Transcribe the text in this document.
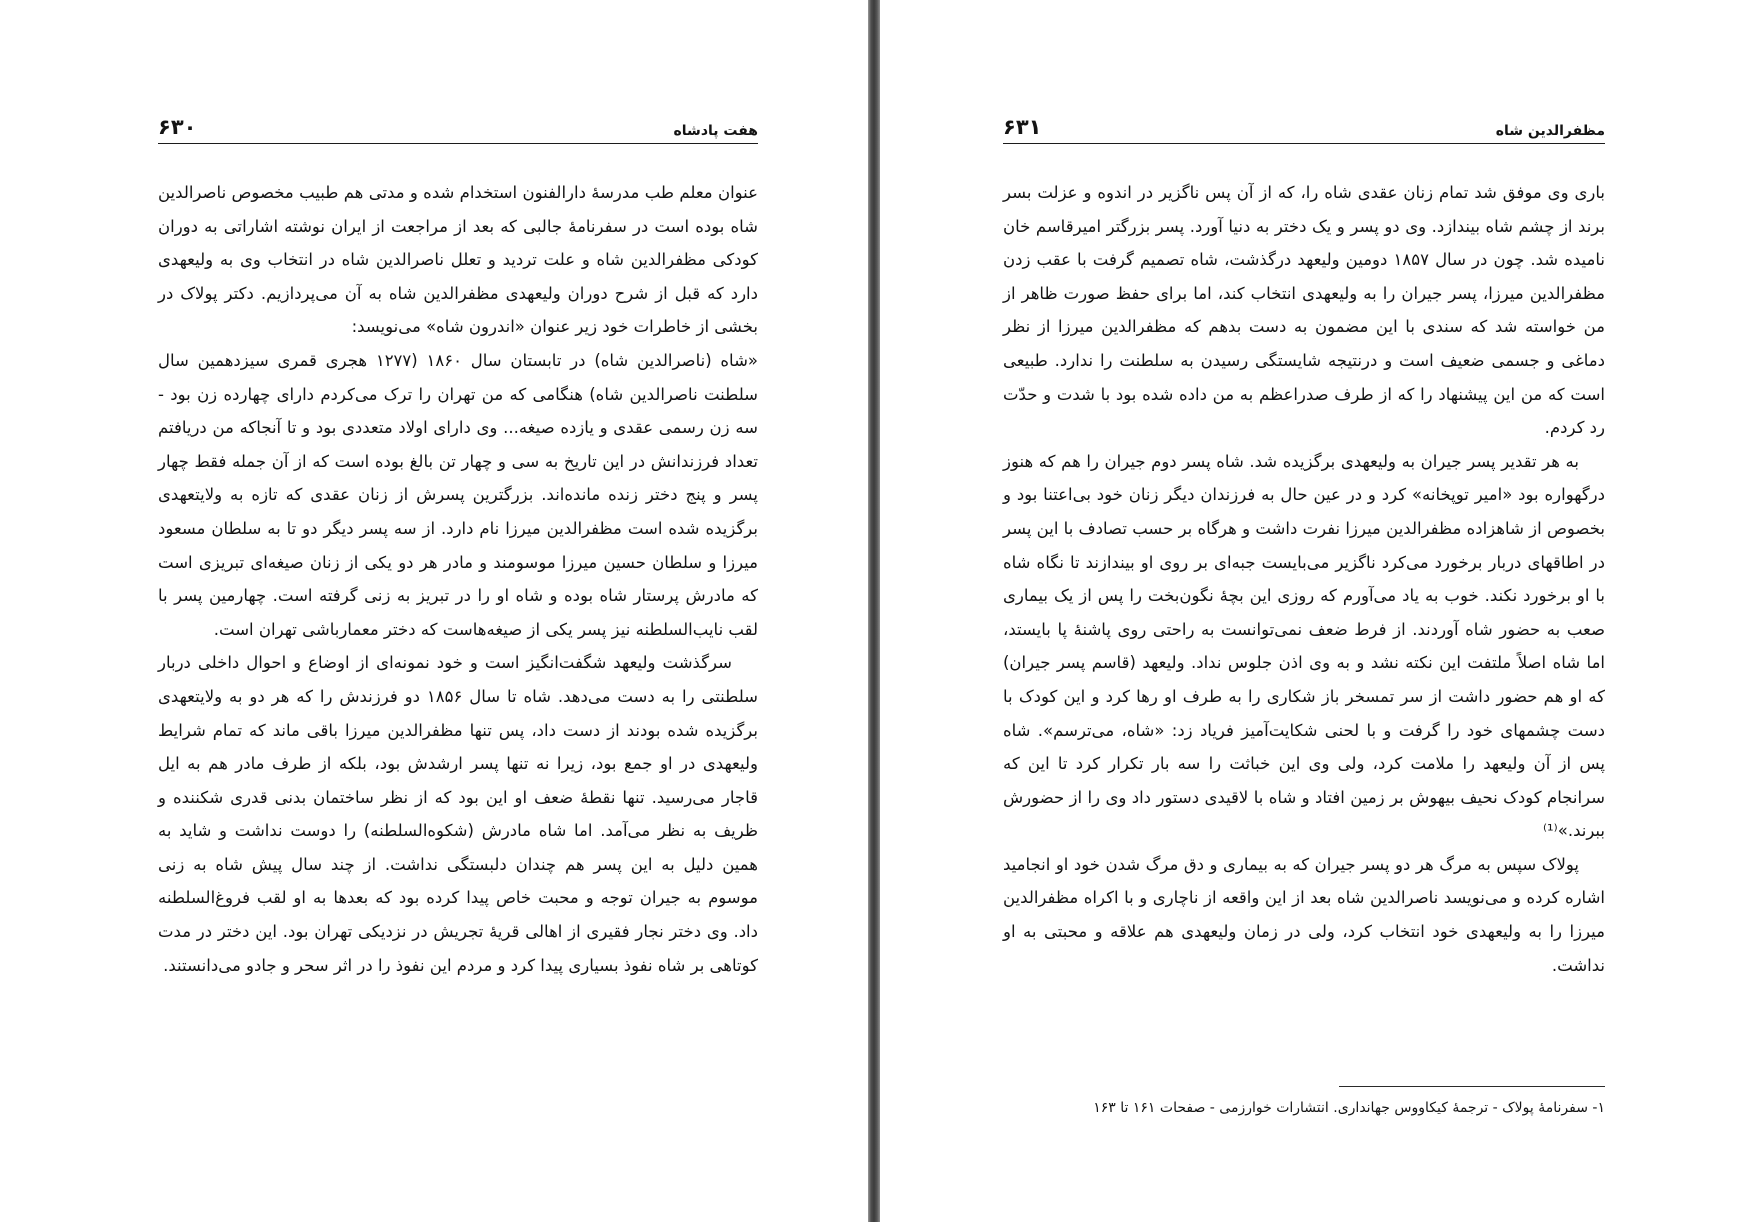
هفت پادشاه
۶۳۰

عنوان معلم طب مدرسهٔ دارالفنون استخدام شده و مدتی هم طبیب مخصوص ناصرالدین شاه بوده است در سفرنامهٔ جالبی که بعد از مراجعت از ایران نوشته اشاراتی به دوران کودکی مظفرالدین شاه و علت تردید و تعلل ناصرالدین شاه در انتخاب وی به ولیعهدی دارد که قبل از شرح دوران ولیعهدی مظفرالدین شاه به آن می‌پردازیم. دکتر پولاک در بخشی از خاطرات خود زیر عنوان «اندرون شاه» می‌نویسد:

«شاه (ناصرالدین شاه) در تابستان سال ۱۸۶۰ (۱۲۷۷ هجری قمری سیزدهمین سال سلطنت ناصرالدین شاه) هنگامی که من تهران را ترک می‌کردم دارای چهارده زن بود - سه زن رسمی عقدی و یازده صیغه... وی دارای اولاد متعددی بود و تا آنجاکه من دریافتم تعداد فرزندانش در این تاریخ به سی و چهار تن بالغ بوده است که از آن جمله فقط چهار پسر و پنج دختر زنده مانده‌اند. بزرگترین پسرش از زنان عقدی که تازه به ولایتعهدی برگزیده شده است مظفرالدین میرزا نام دارد. از سه پسر دیگر دو تا به سلطان مسعود میرزا و سلطان حسین میرزا موسومند و مادر هر دو یکی از زنان صیغه‌ای تبریزی است که مادرش پرستار شاه بوده و شاه او را در تبریز به زنی گرفته است. چهارمین پسر با لقب نایب‌السلطنه نیز پسر یکی از صیغه‌هاست که دختر معمارباشی تهران است.

سرگذشت ولیعهد شگفت‌انگیز است و خود نمونه‌ای از اوضاع و احوال داخلی دربار سلطنتی را به دست می‌دهد. شاه تا سال ۱۸۵۶ دو فرزندش را که هر دو به ولایتعهدی برگزیده شده بودند از دست داد، پس تنها مظفرالدین میرزا باقی ماند که تمام شرایط ولیعهدی در او جمع بود، زیرا نه تنها پسر ارشدش بود، بلکه از طرف مادر هم به ایل قاجار می‌رسید. تنها نقطهٔ ضعف او این بود که از نظر ساختمان بدنی قدری شکننده و ظریف به نظر می‌آمد. اما شاه مادرش (شکوه‌السلطنه) را دوست نداشت و شاید به همین دلیل به این پسر هم چندان دلبستگی نداشت. از چند سال پیش شاه به زنی موسوم به جیران توجه و محبت خاص پیدا کرده بود که بعدها به او لقب فروغ‌السلطنه داد. وی دختر نجار فقیری از اهالی قریهٔ تجریش در نزدیکی تهران بود. این دختر در مدت کوتاهی بر شاه نفوذ بسیاری پیدا کرد و مردم این نفوذ را در اثر سحر و جادو می‌دانستند.

مظفرالدین شاه
۶۳۱

باری وی موفق شد تمام زنان عقدی شاه را، که از آن پس ناگزیر در اندوه و عزلت بسر برند از چشم شاه بیندازد. وی دو پسر و یک دختر به دنیا آورد. پسر بزرگتر امیرقاسم خان نامیده شد. چون در سال ۱۸۵۷ دومین ولیعهد درگذشت، شاه تصمیم گرفت با عقب زدن مظفرالدین میرزا، پسر جیران را به ولیعهدی انتخاب کند، اما برای حفظ صورت ظاهر از من خواسته شد که سندی با این مضمون به دست بدهم که مظفرالدین میرزا از نظر دماغی و جسمی ضعیف است و درنتیجه شایستگی رسیدن به سلطنت را ندارد. طبیعی است که من این پیشنهاد را که از طرف صدراعظم به من داده شده بود با شدت و حدّت رد کردم.

به هر تقدیر پسر جیران به ولیعهدی برگزیده شد. شاه پسر دوم جیران را هم که هنوز درگهواره بود «امیر توپخانه» کرد و در عین حال به فرزندان دیگر زنان خود بی‌اعتنا بود و بخصوص از شاهزاده مظفرالدین میرزا نفرت داشت و هرگاه بر حسب تصادف با این پسر در اطاقهای دربار برخورد می‌کرد ناگزیر می‌بایست جبه‌ای بر روی او بیندازند تا نگاه شاه با او برخورد نکند. خوب به یاد می‌آورم که روزی این بچهٔ نگون‌بخت را پس از یک بیماری صعب به حضور شاه آوردند. از فرط ضعف نمی‌توانست به راحتی روی پاشنهٔ پا بایستد، اما شاه اصلاً ملتفت این نکته نشد و به وی اذن جلوس نداد. ولیعهد (قاسم پسر جیران) که او هم حضور داشت از سر تمسخر باز شکاری را به طرف او رها کرد و این کودک با دست چشمهای خود را گرفت و با لحنی شکایت‌آمیز فریاد زد: «شاه، می‌ترسم». شاه پس از آن ولیعهد را ملامت کرد، ولی وی این خباثت را سه بار تکرار کرد تا این که سرانجام کودک نحیف بیهوش بر زمین افتاد و شاه با لاقیدی دستور داد وی را از حضورش ببرند.»⁽¹⁾

پولاک سپس به مرگ هر دو پسر جیران که به بیماری و دق مرگ شدن خود او انجامید اشاره کرده و می‌نویسد ناصرالدین شاه بعد از این واقعه از ناچاری و با اکراه مظفرالدین میرزا را به ولیعهدی خود انتخاب کرد، ولی در زمان ولیعهدی هم علاقه و محبتی به او نداشت.

۱- سفرنامهٔ پولاک - ترجمهٔ کیکاووس جهانداری. انتشارات خوارزمی - صفحات ۱۶۱ تا ۱۶۳
